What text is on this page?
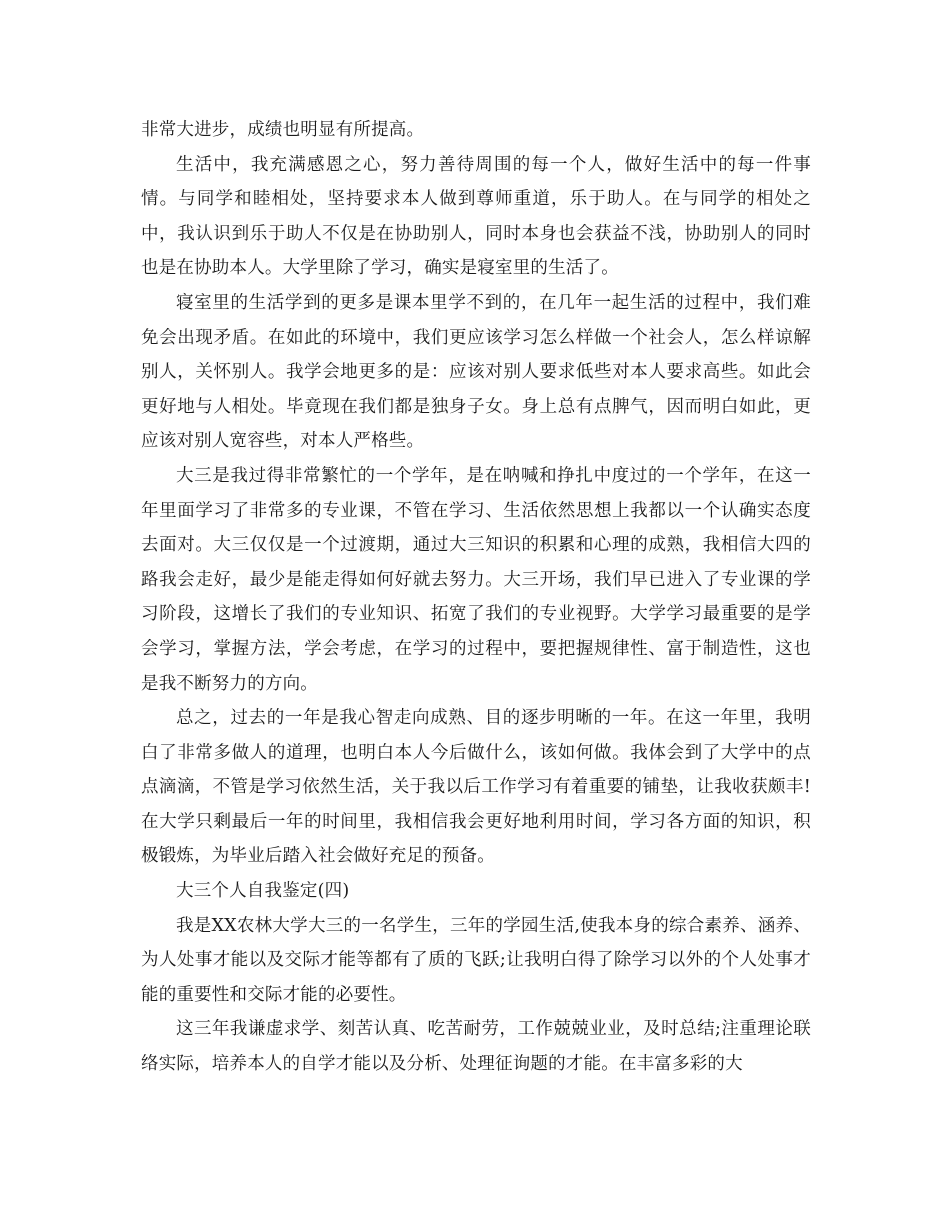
非常大进步，成绩也明显有所提高。

生活中，我充满感恩之心，努力善待周围的每一个人，做好生活中的每一件事情。与同学和睦相处，坚持要求本人做到尊师重道，乐于助人。在与同学的相处之中，我认识到乐于助人不仅是在协助别人，同时本身也会获益不浅，协助别人的同时也是在协助本人。大学里除了学习，确实是寝室里的生活了。

寝室里的生活学到的更多是课本里学不到的，在几年一起生活的过程中，我们难免会出现矛盾。在如此的环境中，我们更应该学习怎么样做一个社会人，怎么样谅解别人，关怀别人。我学会地更多的是：应该对别人要求低些对本人要求高些。如此会更好地与人相处。毕竟现在我们都是独身子女。身上总有点脾气，因而明白如此，更应该对别人宽容些，对本人严格些。

大三是我过得非常繁忙的一个学年，是在呐喊和挣扎中度过的一个学年，在这一年里面学习了非常多的专业课，不管在学习、生活依然思想上我都以一个认确实态度去面对。大三仅仅是一个过渡期，通过大三知识的积累和心理的成熟，我相信大四的路我会走好，最少是能走得如何好就去努力。大三开场，我们早已进入了专业课的学习阶段，这增长了我们的专业知识、拓宽了我们的专业视野。大学学习最重要的是学会学习，掌握方法，学会考虑，在学习的过程中，要把握规律性、富于制造性，这也是我不断努力的方向。

总之，过去的一年是我心智走向成熟、目的逐步明晰的一年。在这一年里，我明白了非常多做人的道理，也明白本人今后做什么，该如何做。我体会到了大学中的点点滴滴，不管是学习依然生活，关于我以后工作学习有着重要的铺垫，让我收获颇丰!在大学只剩最后一年的时间里，我相信我会更好地利用时间，学习各方面的知识，积极锻炼，为毕业后踏入社会做好充足的预备。

大三个人自我鉴定(四)

我是XX农林大学大三的一名学生，三年的学园生活,使我本身的综合素养、涵养、为人处事才能以及交际才能等都有了质的飞跃;让我明白得了除学习以外的个人处事才能的重要性和交际才能的必要性。

这三年我谦虚求学、刻苦认真、吃苦耐劳，工作兢兢业业，及时总结;注重理论联络实际，培养本人的自学才能以及分析、处理征询题的才能。在丰富多彩的大
